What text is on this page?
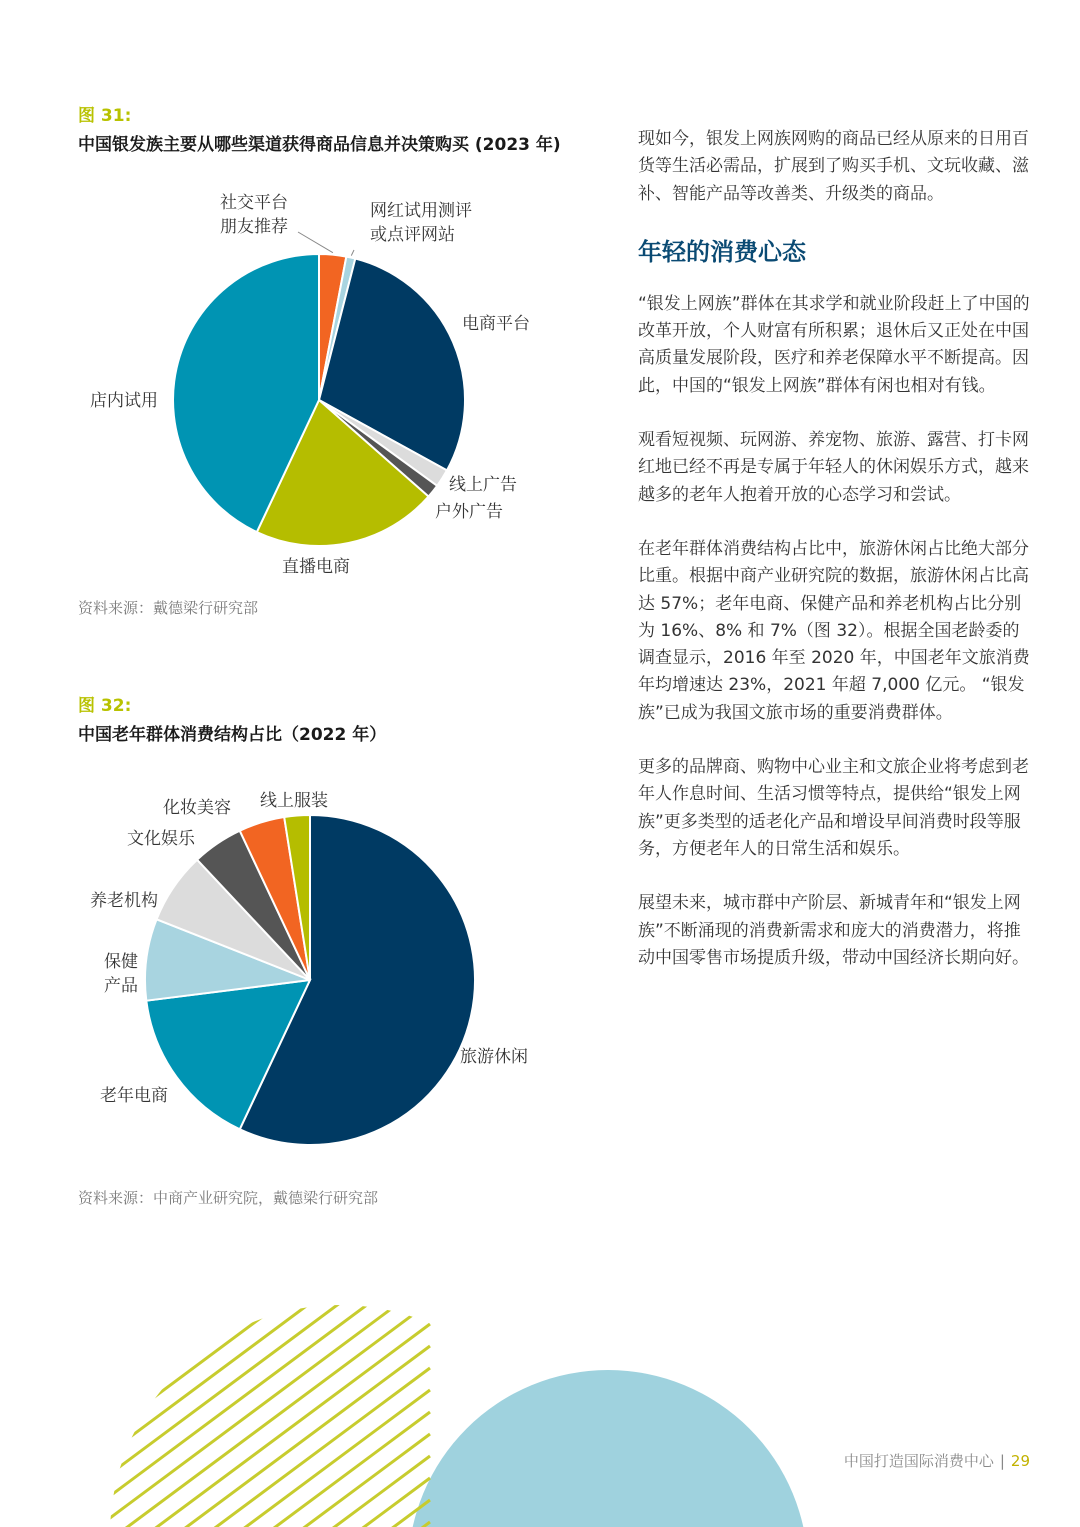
图 31:
中国银发族主要从哪些渠道获得商品信息并决策购买 (2023 年)
社交平台
朋友推荐
网红试用测评
或点评网站
电商平台
线上广告
户外广告
直播电商
店内试用
资料来源：戴德梁行研究部
图 32:
中国老年群体消费结构占比（2022 年）
旅游休闲
老年电商
保健
产品
养老机构
文化娱乐
化妆美容 线上服装
资料来源：中商产业研究院，戴德梁行研究部

现如今，银发上网族网购的商品已经从原来的日用百货等生活必需品，扩展到了购买手机、文玩收藏、滋补、智能产品等改善类、升级类的商品。

年轻的消费心态

“银发上网族”群体在其求学和就业阶段赶上了中国的改革开放，个人财富有所积累；退休后又正处在中国高质量发展阶段，医疗和养老保障水平不断提高。因此，中国的“银发上网族”群体有闲也相对有钱。

观看短视频、玩网游、养宠物、旅游、露营、打卡网红地已经不再是专属于年轻人的休闲娱乐方式，越来越多的老年人抱着开放的心态学习和尝试。

在老年群体消费结构占比中，旅游休闲占比绝大部分比重。根据中商产业研究院的数据，旅游休闲占比高达 57%；老年电商、保健产品和养老机构占比分别为 16%、8% 和 7%（图 32）。根据全国老龄委的调查显示，2016 年至 2020 年，中国老年文旅消费年均增速达 23%，2021 年超 7,000 亿元。 “银发族”已成为我国文旅市场的重要消费群体。

更多的品牌商、购物中心业主和文旅企业将考虑到老年人作息时间、生活习惯等特点，提供给“银发上网族”更多类型的适老化产品和增设早间消费时段等服务，方便老年人的日常生活和娱乐。

展望未来，城市群中产阶层、新城青年和“银发上网族”不断涌现的消费新需求和庞大的消费潜力，将推动中国零售市场提质升级，带动中国经济长期向好。

中国打造国际消费中心 | 29
